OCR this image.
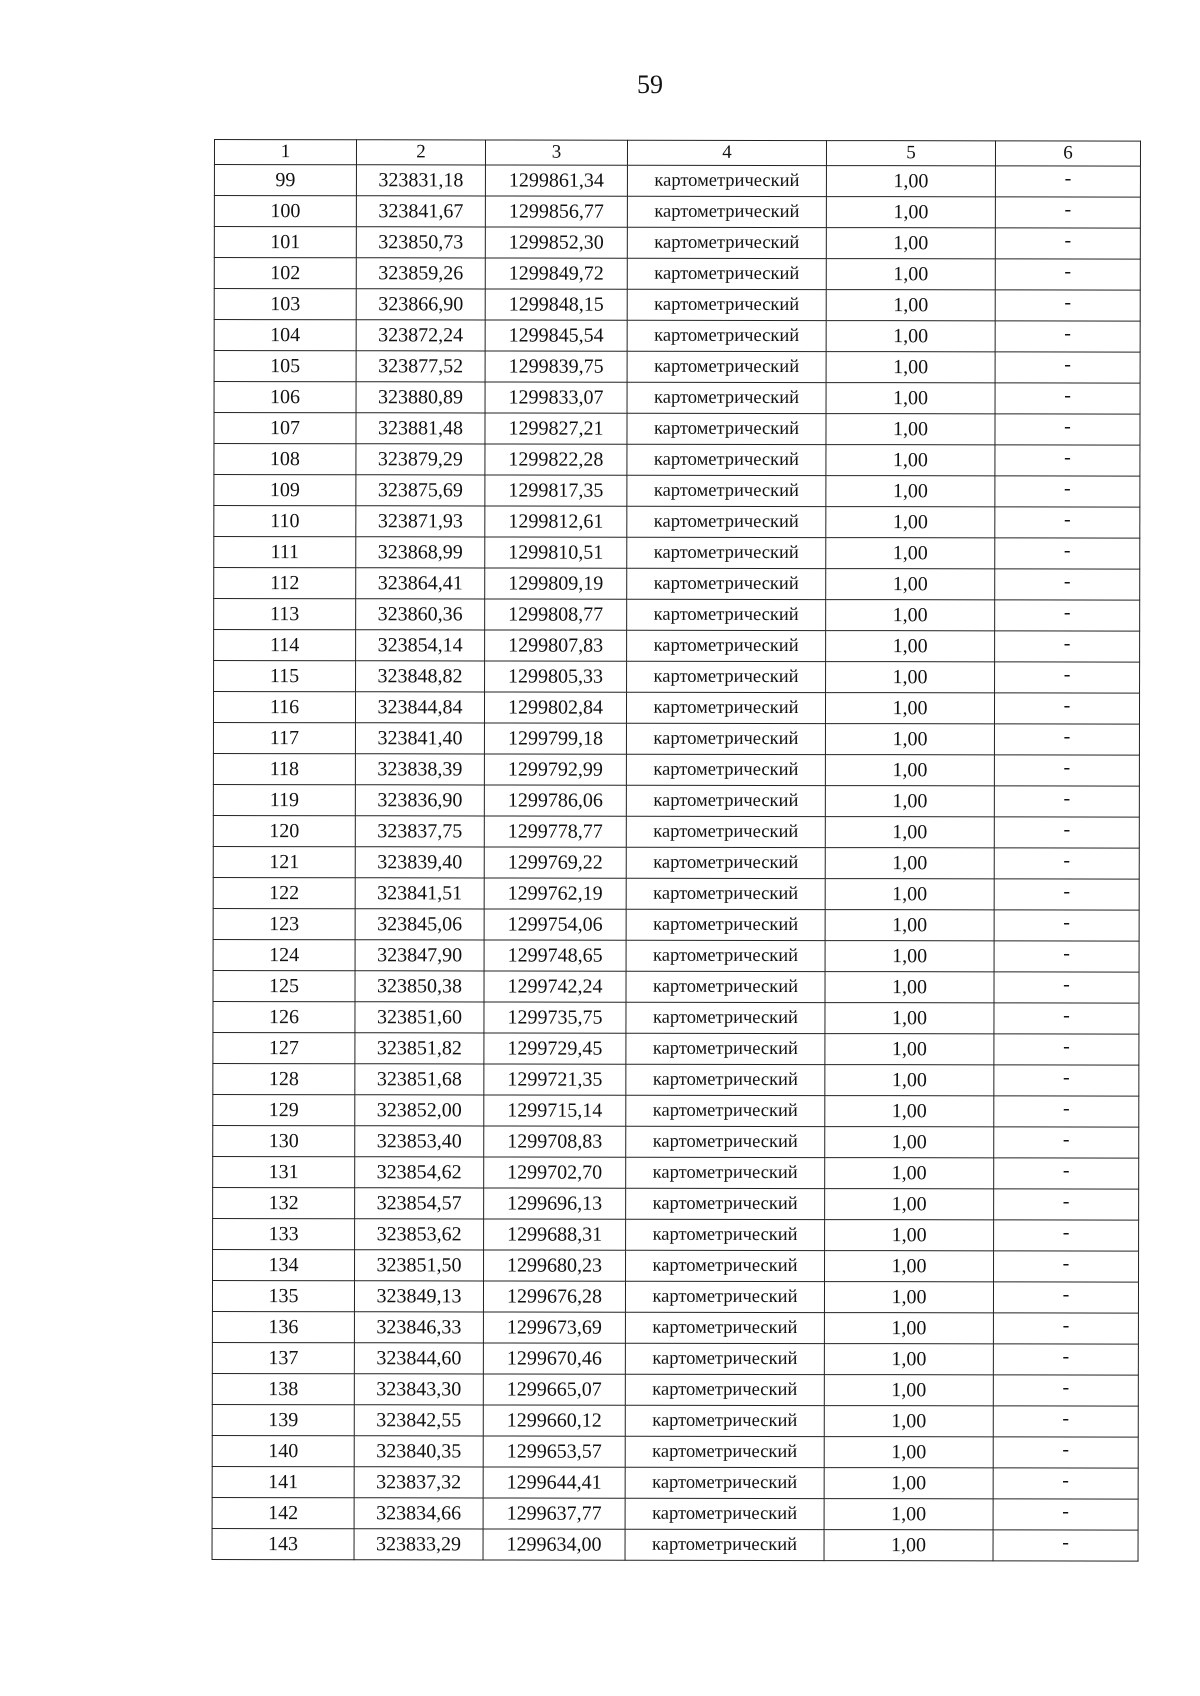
59
1	2	3	4	5	6
99	323831,18	1299861,34	картометрический	1,00	-
100	323841,67	1299856,77	картометрический	1,00	-
101	323850,73	1299852,30	картометрический	1,00	-
102	323859,26	1299849,72	картометрический	1,00	-
103	323866,90	1299848,15	картометрический	1,00	-
104	323872,24	1299845,54	картометрический	1,00	-
105	323877,52	1299839,75	картометрический	1,00	-
106	323880,89	1299833,07	картометрический	1,00	-
107	323881,48	1299827,21	картометрический	1,00	-
108	323879,29	1299822,28	картометрический	1,00	-
109	323875,69	1299817,35	картометрический	1,00	-
110	323871,93	1299812,61	картометрический	1,00	-
111	323868,99	1299810,51	картометрический	1,00	-
112	323864,41	1299809,19	картометрический	1,00	-
113	323860,36	1299808,77	картометрический	1,00	-
114	323854,14	1299807,83	картометрический	1,00	-
115	323848,82	1299805,33	картометрический	1,00	-
116	323844,84	1299802,84	картометрический	1,00	-
117	323841,40	1299799,18	картометрический	1,00	-
118	323838,39	1299792,99	картометрический	1,00	-
119	323836,90	1299786,06	картометрический	1,00	-
120	323837,75	1299778,77	картометрический	1,00	-
121	323839,40	1299769,22	картометрический	1,00	-
122	323841,51	1299762,19	картометрический	1,00	-
123	323845,06	1299754,06	картометрический	1,00	-
124	323847,90	1299748,65	картометрический	1,00	-
125	323850,38	1299742,24	картометрический	1,00	-
126	323851,60	1299735,75	картометрический	1,00	-
127	323851,82	1299729,45	картометрический	1,00	-
128	323851,68	1299721,35	картометрический	1,00	-
129	323852,00	1299715,14	картометрический	1,00	-
130	323853,40	1299708,83	картометрический	1,00	-
131	323854,62	1299702,70	картометрический	1,00	-
132	323854,57	1299696,13	картометрический	1,00	-
133	323853,62	1299688,31	картометрический	1,00	-
134	323851,50	1299680,23	картометрический	1,00	-
135	323849,13	1299676,28	картометрический	1,00	-
136	323846,33	1299673,69	картометрический	1,00	-
137	323844,60	1299670,46	картометрический	1,00	-
138	323843,30	1299665,07	картометрический	1,00	-
139	323842,55	1299660,12	картометрический	1,00	-
140	323840,35	1299653,57	картометрический	1,00	-
141	323837,32	1299644,41	картометрический	1,00	-
142	323834,66	1299637,77	картометрический	1,00	-
143	323833,29	1299634,00	картометрический	1,00	-
